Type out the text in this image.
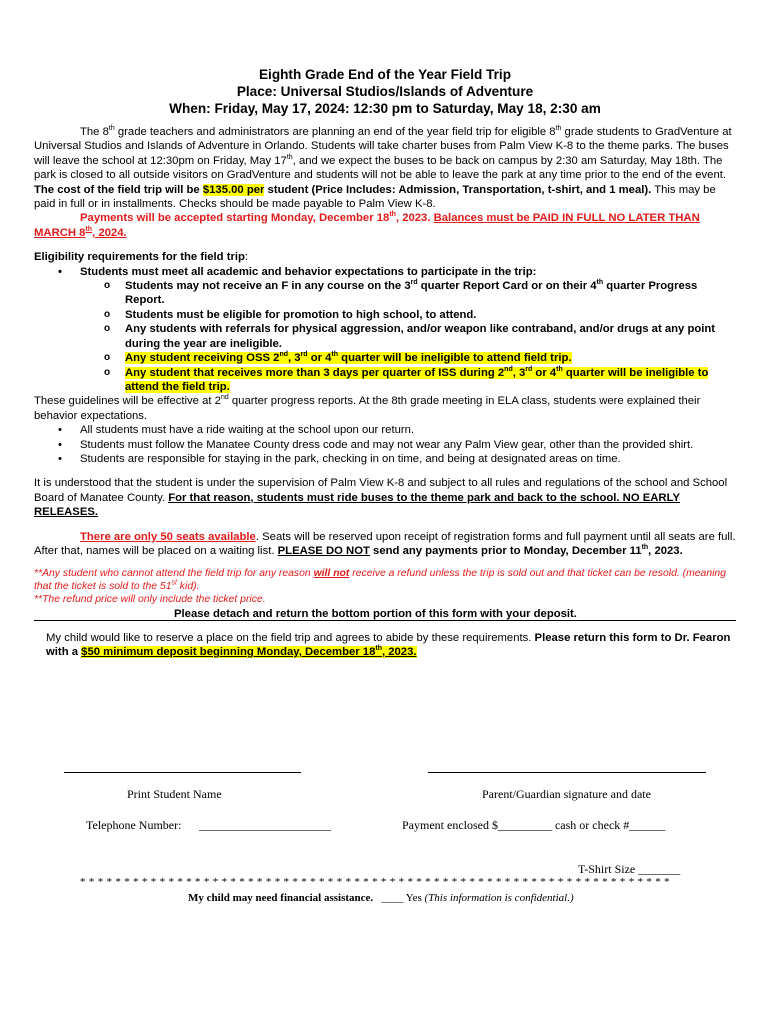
Eighth Grade End of the Year Field Trip
Place: Universal Studios/Islands of Adventure
When: Friday, May 17, 2024: 12:30 pm to Saturday, May 18, 2:30 am

The 8th grade teachers and administrators are planning an end of the year field trip for eligible 8th grade students to GradVenture at Universal Studios and Islands of Adventure in Orlando. Students will take charter buses from Palm View K-8 to the theme parks. The buses will leave the school at 12:30pm on Friday, May 17th, and we expect the buses to be back on campus by 2:30 am Saturday, May 18th. The park is closed to all outside visitors on GradVenture and students will not be able to leave the park at any time prior to the end of the event. The cost of the field trip will be $135.00 per student (Price Includes: Admission, Transportation, t-shirt, and 1 meal). This may be paid in full or in installments. Checks should be made payable to Palm View K-8.

Payments will be accepted starting Monday, December 18th, 2023. Balances must be PAID IN FULL NO LATER THAN MARCH 8th, 2024.

Eligibility requirements for the field trip:

• Students must meet all academic and behavior expectations to participate in the trip:
o Students may not receive an F in any course on the 3rd quarter Report Card or on their 4th quarter Progress Report.
o Students must be eligible for promotion to high school, to attend.
o Any students with referrals for physical aggression, and/or weapon like contraband, and/or drugs at any point during the year are ineligible.
o Any student receiving OSS 2nd, 3rd or 4th quarter will be ineligible to attend field trip.
o Any student that receives more than 3 days per quarter of ISS during 2nd, 3rd or 4th quarter will be ineligible to attend the field trip.

These guidelines will be effective at 2nd quarter progress reports. At the 8th grade meeting in ELA class, students were explained their behavior expectations.

• All students must have a ride waiting at the school upon our return.
• Students must follow the Manatee County dress code and may not wear any Palm View gear, other than the provided shirt.
• Students are responsible for staying in the park, checking in on time, and being at designated areas on time.

It is understood that the student is under the supervision of Palm View K-8 and subject to all rules and regulations of the school and School Board of Manatee County. For that reason, students must ride buses to the theme park and back to the school. NO EARLY RELEASES.

There are only 50 seats available. Seats will be reserved upon receipt of registration forms and full payment until all seats are full. After that, names will be placed on a waiting list. PLEASE DO NOT send any payments prior to Monday, December 11th, 2023.

**Any student who cannot attend the field trip for any reason will not receive a refund unless the trip is sold out and that ticket can be resold. (meaning that the ticket is sold to the 51st kid).
**The refund price will only include the ticket price.

Please detach and return the bottom portion of this form with your deposit.

My child would like to reserve a place on the field trip and agrees to abide by these requirements. Please return this form to Dr. Fearon with a $50 minimum deposit beginning Monday, December 18th, 2023.

Print Student Name	Parent/Guardian signature and date
Telephone Number: ______________________	Payment enclosed $_________ cash or check #______
T-Shirt Size _______
* * * * * * * * * * * * * * * * * * * * * * * * * * * * * * * * * * * * * * * * * * * * * * * * * * * * * * * * * * * * * * * * * * *
My child may need financial assistance. ____ Yes (This information is confidential.)
